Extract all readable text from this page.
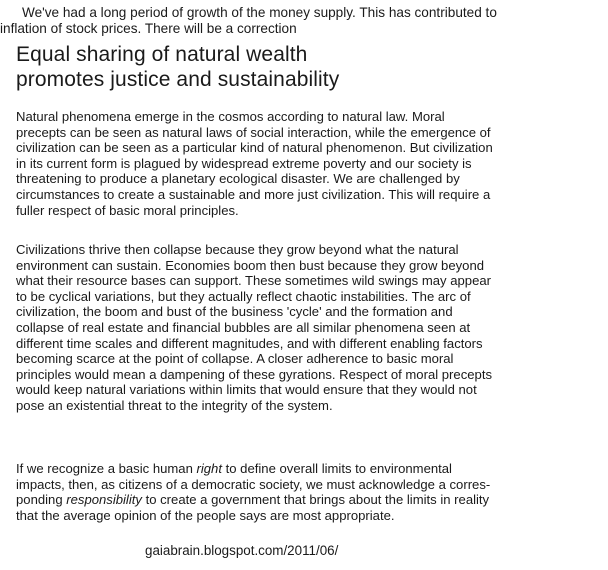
We've had a long period of growth of the money supply. This has contributed to
inflation of stock prices. There will be a correction
Equal sharing of natural wealth
promotes justice and sustainability

Natural phenomena emerge in the cosmos according to natural law. Moral
precepts can be seen as natural laws of social interaction, while the emergence of
civilization can be seen as a particular kind of natural phenomenon. But civilization
in its current form is plagued by widespread extreme poverty and our society is
threatening to produce a planetary ecological disaster. We are challenged by
circumstances to create a sustainable and more just civilization. This will require a
fuller respect of basic moral principles.

Civilizations thrive then collapse because they grow beyond what the natural
environment can sustain. Economies boom then bust because they grow beyond
what their resource bases can support. These sometimes wild swings may appear
to be cyclical variations, but they actually reflect chaotic instabilities. The arc of
civilization, the boom and bust of the business 'cycle' and the formation and
collapse of real estate and financial bubbles are all similar phenomena seen at
different time scales and different magnitudes, and with different enabling factors
becoming scarce at the point of collapse. A closer adherence to basic moral
principles would mean a dampening of these gyrations. Respect of moral precepts
would keep natural variations within limits that would ensure that they would not
pose an existential threat to the integrity of the system.

If we recognize a basic human right to define overall limits to environmental
impacts, then, as citizens of a democratic society, we must acknowledge a corres-
ponding responsibility to create a government that brings about the limits in reality
that the average opinion of the people says are most appropriate.

gaiabrain.blogspot.com/2011/06/
